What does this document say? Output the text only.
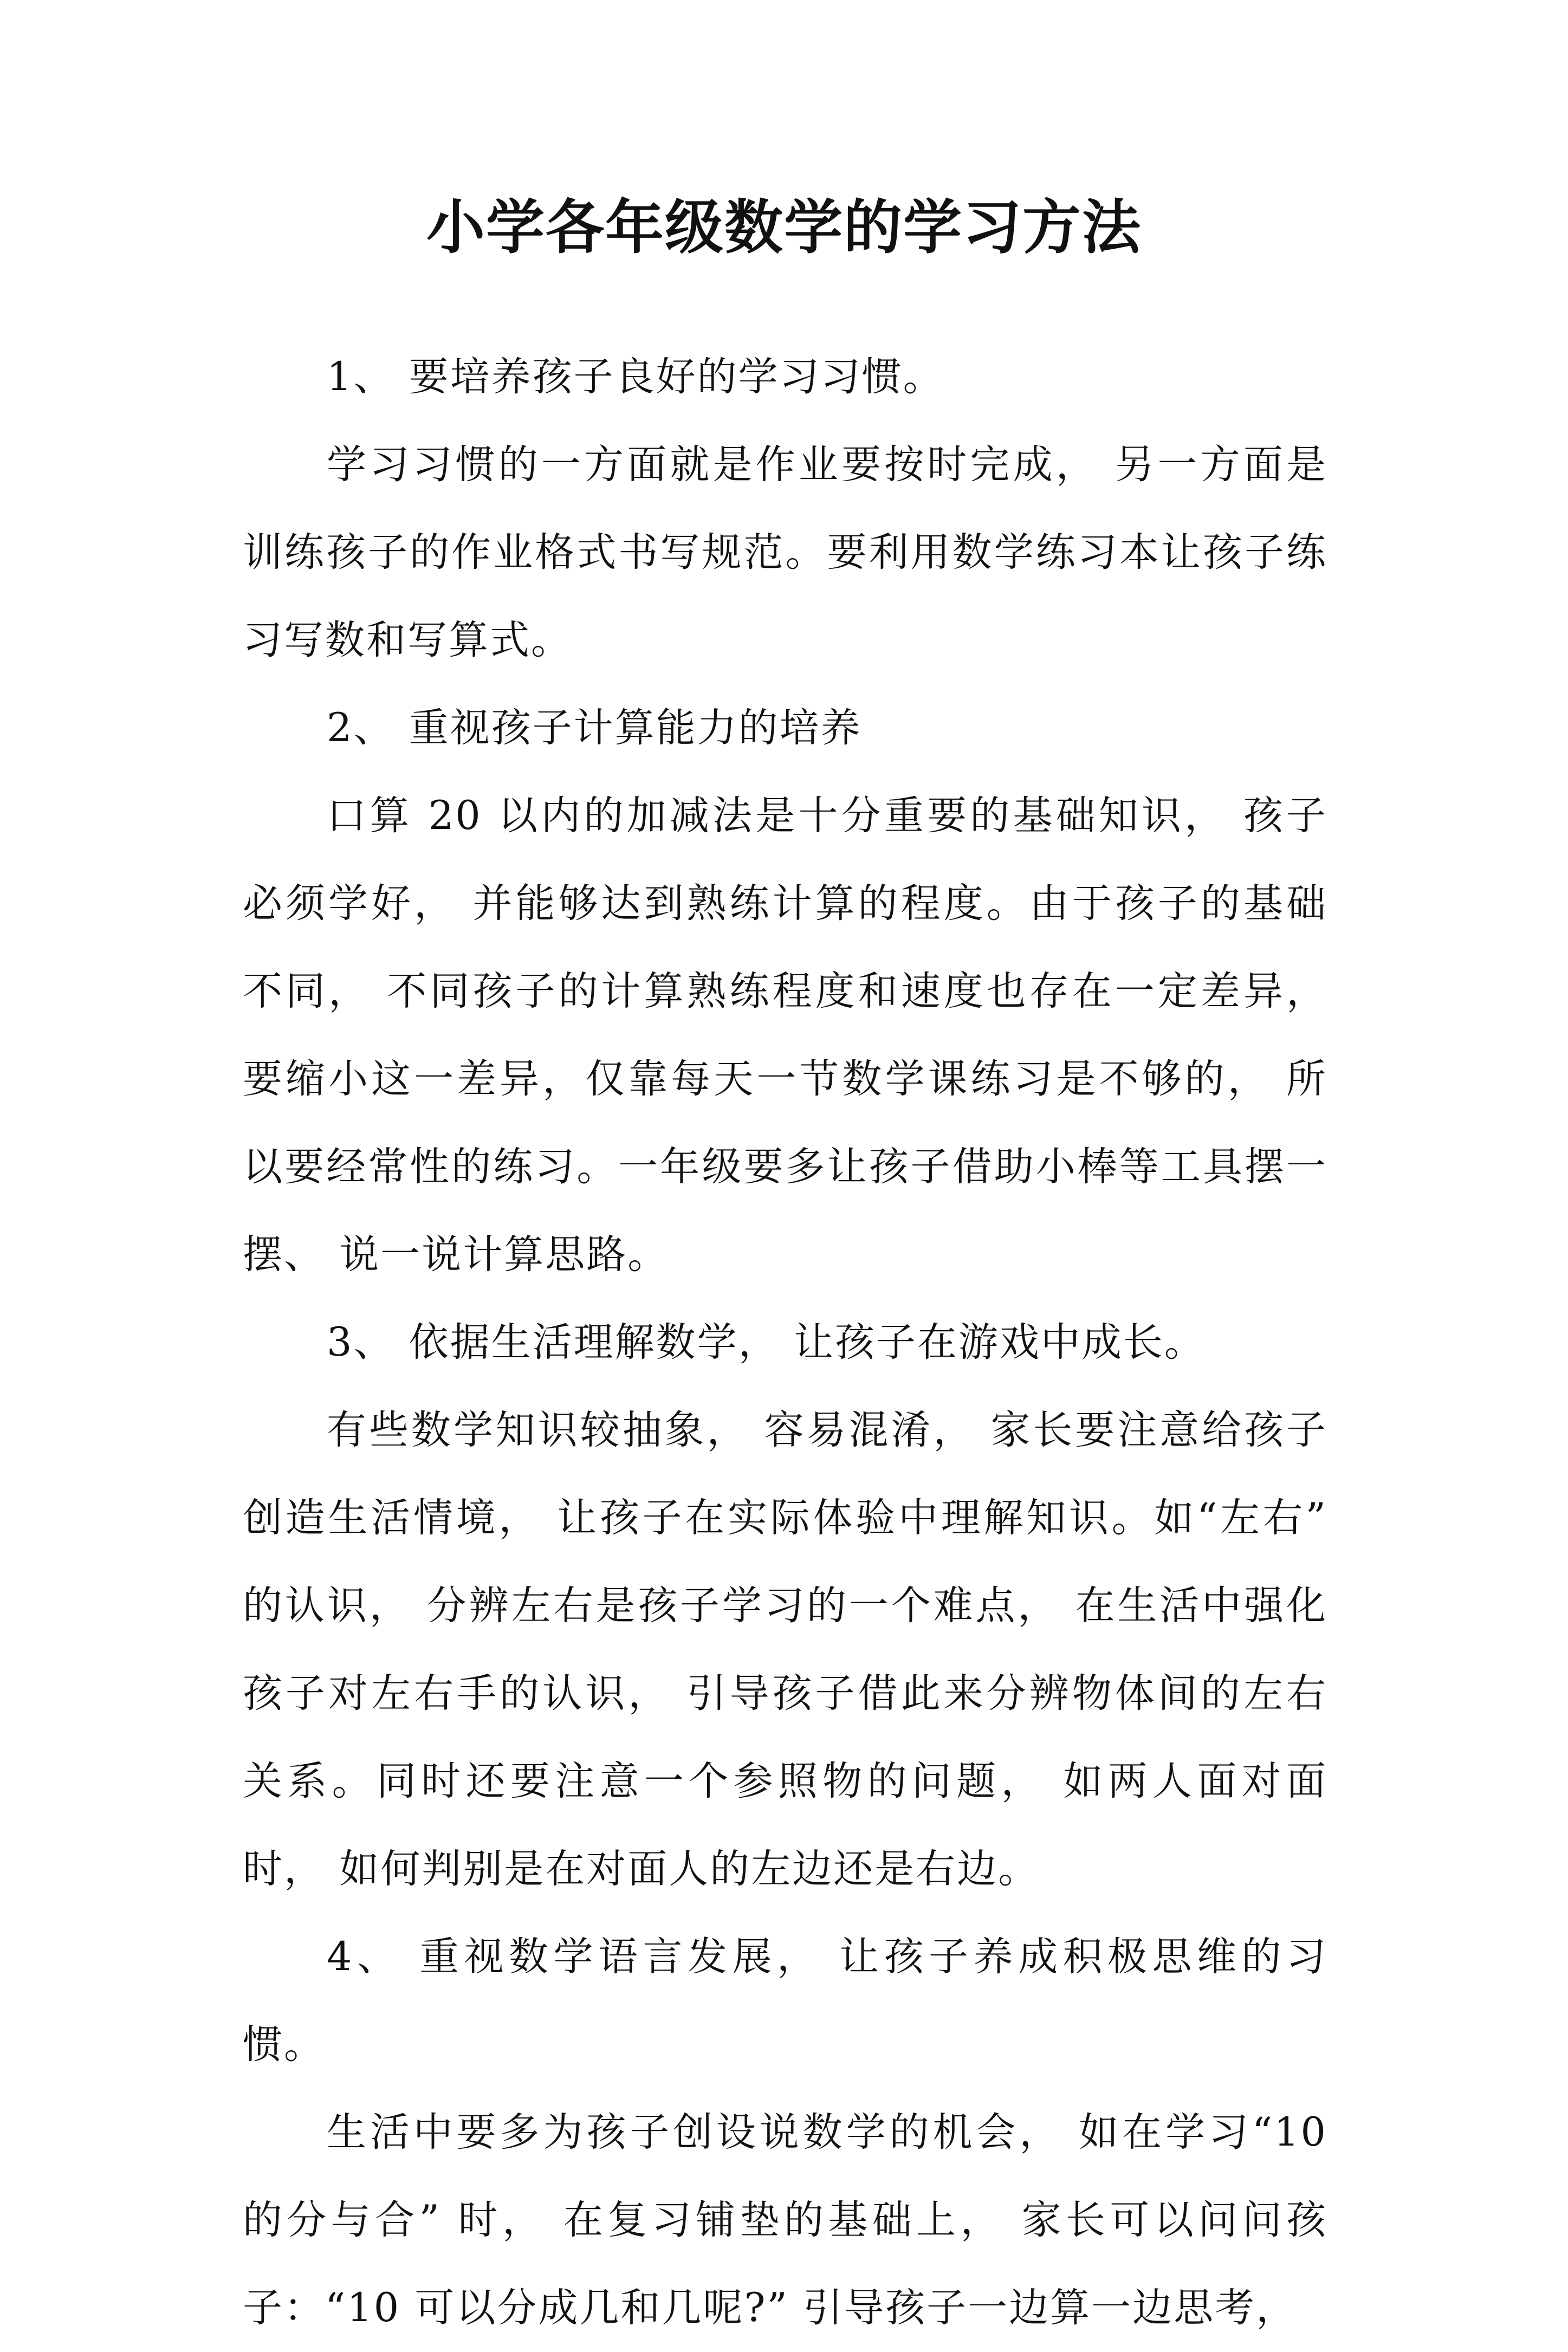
小学各年级数学的学习方法

1、 要培养孩子良好的学习习惯。

学习习惯的一方面就是作业要按时完成， 另一方面是训练孩子的作业格式书写规范。要利用数学练习本让孩子练习写数和写算式。

2、 重视孩子计算能力的培养

口算 20 以内的加减法是十分重要的基础知识， 孩子必须学好， 并能够达到熟练计算的程度。由于孩子的基础不同， 不同孩子的计算熟练程度和速度也存在一定差异， 要缩小这一差异，仅靠每天一节数学课练习是不够的， 所以要经常性的练习。一年级要多让孩子借助小棒等工具摆一摆、 说一说计算思路。

3、 依据生活理解数学， 让孩子在游戏中成长。

有些数学知识较抽象， 容易混淆， 家长要注意给孩子创造生活情境， 让孩子在实际体验中理解知识。如“左右” 的认识， 分辨左右是孩子学习的一个难点， 在生活中强化孩子对左右手的认识， 引导孩子借此来分辨物体间的左右关系。同时还要注意一个参照物的问题， 如两人面对面时， 如何判别是在对面人的左边还是右边。

4、 重视数学语言发展， 让孩子养成积极思维的习惯。

生活中要多为孩子创设说数学的机会， 如在学习“10 的分与合” 时， 在复习铺垫的基础上， 家长可以问问孩子：“10 可以分成几和几呢?” 引导孩子一边算一边思考，
